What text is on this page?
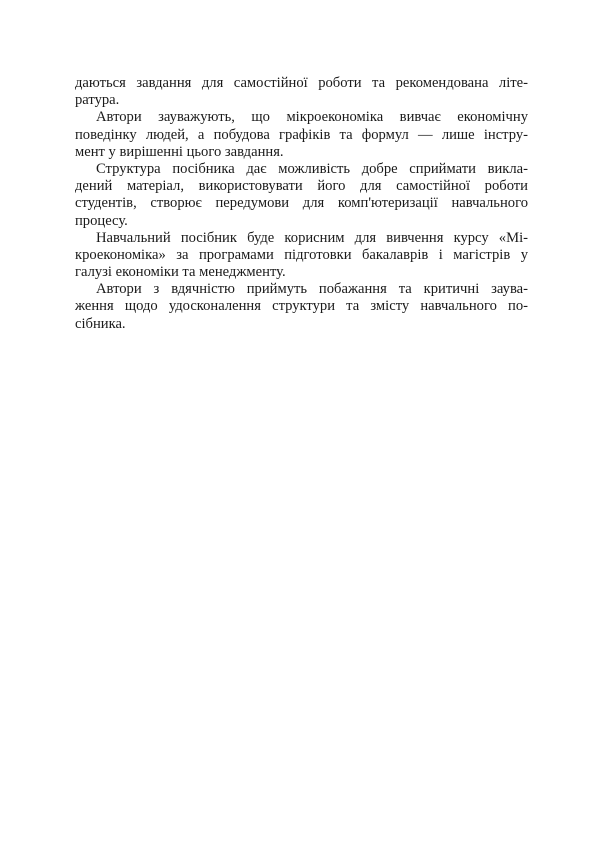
даються завдання для самостійної роботи та рекомендована літе-
ратура.

Автори зауважують, що мікроекономіка вивчає економічну
поведінку людей, а побудова графіків та формул — лише інстру-
мент у вирішенні цього завдання.

Структура посібника дає можливість добре сприймати викла-
дений матеріал, використовувати його для самостійної роботи
студентів, створює передумови для комп'ютеризації навчального
процесу.

Навчальний посібник буде корисним для вивчення курсу «Мі-
кроекономіка» за програмами підготовки бакалаврів і магістрів у
галузі економіки та менеджменту.

Автори з вдячністю приймуть побажання та критичні заува-
ження щодо удосконалення структури та змісту навчального по-
сібника.
